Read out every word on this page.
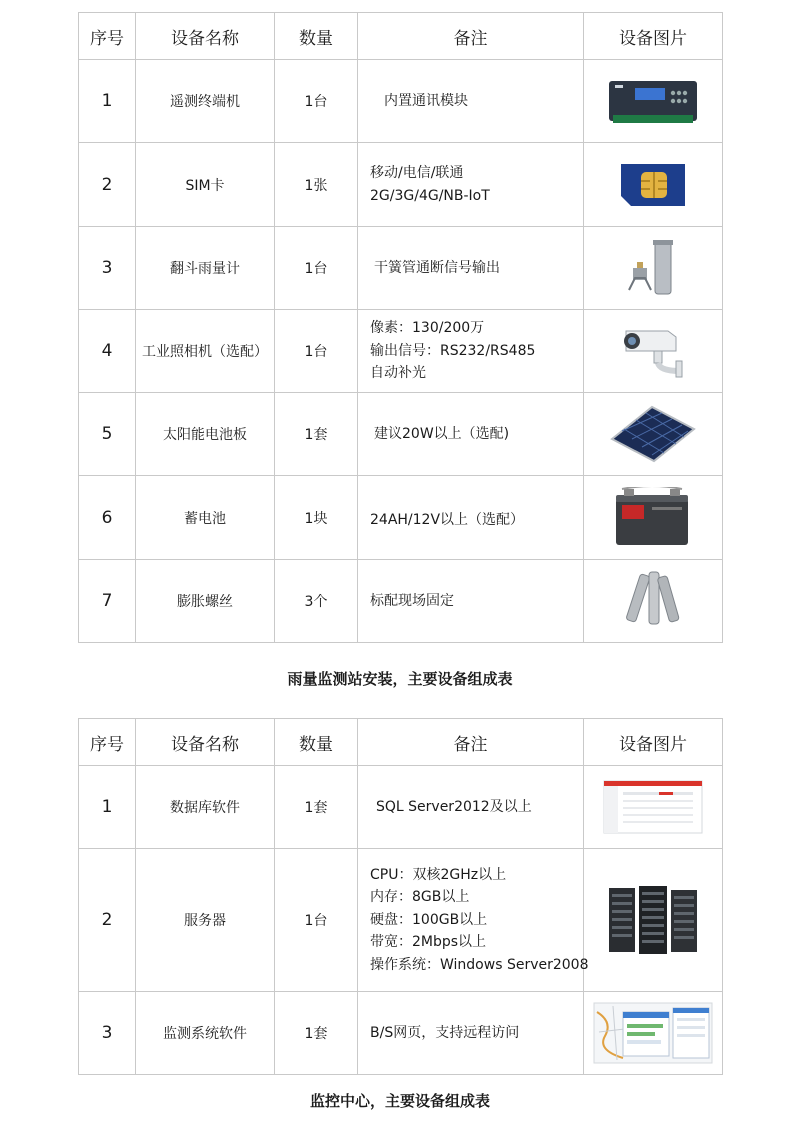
序号	设备名称	数量	备注	设备图片
1	遥测终端机	1台	内置通讯模块

2	SIM卡	1张	移动/电信/联通
2G/3G/4G/NB-IoT

3	翻斗雨量计	1台	干簧管通断信号输出

4	工业照相机（选配）	1台	像素：130/200万
输出信号：RS232/RS485
自动补光

5	太阳能电池板	1套	建议20W以上（选配)

6	蓄电池	1块	24AH/12V以上（选配）

7	膨胀螺丝	3个	标配现场固定

雨量监测站安装，主要设备组成表
序号	设备名称	数量	备注	设备图片
1	数据库软件	1套	SQL Server2012及以上

2	服务器	1台	CPU：双核2GHz以上
内存：8GB以上
硬盘：100GB以上
带宽：2Mbps以上
操作系统：Windows Server2008

3	监测系统软件	1套	B/S网页，支持远程访问

监控中心，主要设备组成表
